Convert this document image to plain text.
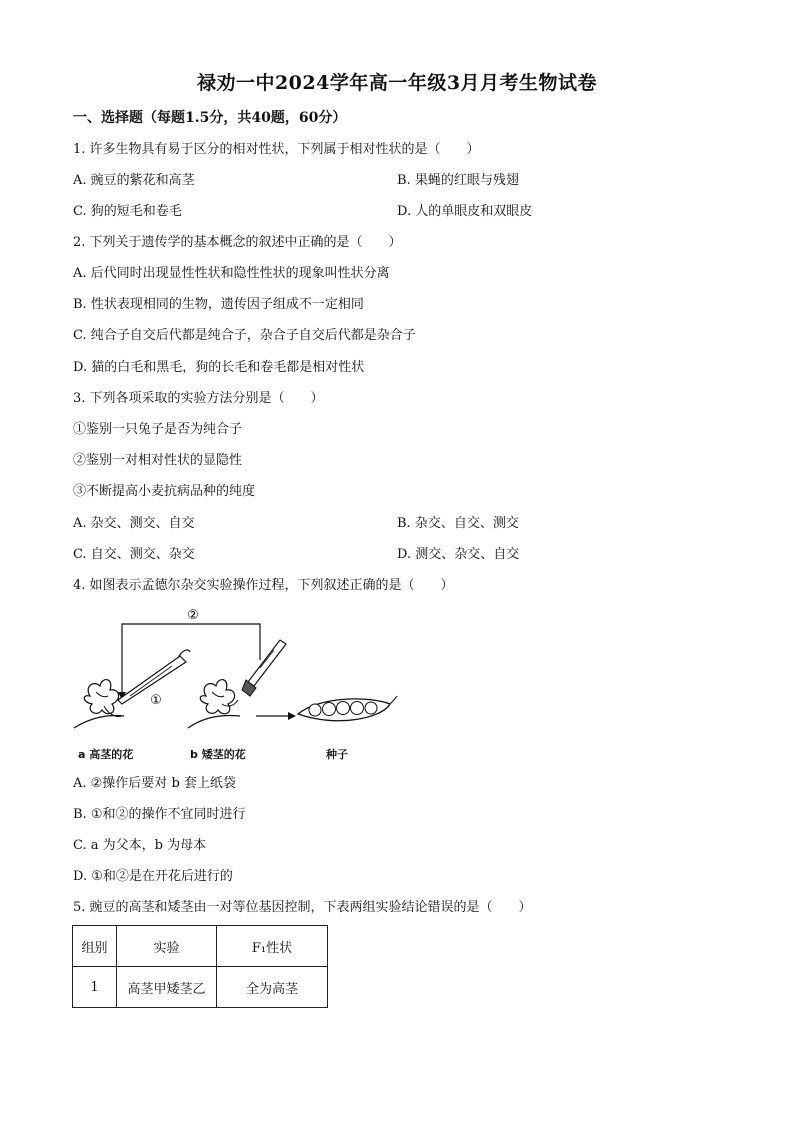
禄劝一中2024学年高一年级3月月考生物试卷
一、选择题（每题1.5分，共40题，60分）
1. 许多生物具有易于区分的相对性状，下列属于相对性状的是（　　）
A. 豌豆的紫花和高茎	B. 果蝇的红眼与残翅
C. 狗的短毛和卷毛	D. 人的单眼皮和双眼皮
2. 下列关于遗传学的基本概念的叙述中正确的是（　　）
A. 后代同时出现显性性状和隐性性状的现象叫性状分离
B. 性状表现相同的生物，遗传因子组成不一定相同
C. 纯合子自交后代都是纯合子，杂合子自交后代都是杂合子
D. 猫的白毛和黑毛，狗的长毛和卷毛都是相对性状
3. 下列各项采取的实验方法分别是（　　）
①鉴别一只兔子是否为纯合子
②鉴别一对相对性状的显隐性
③不断提高小麦抗病品种的纯度
A. 杂交、测交、自交	B. 杂交、自交、测交
C. 自交、测交、杂交	D. 测交、杂交、自交
4. 如图表示孟德尔杂交实验操作过程，下列叙述正确的是（　　）
②
①
a 高茎的花	b 矮茎的花	种子
A. ②操作后要对 b 套上纸袋
B. ①和②的操作不宜同时进行
C. a 为父本，b 为母本
D. ①和②是在开花后进行的
5. 豌豆的高茎和矮茎由一对等位基因控制，下表两组实验结论错误的是（　　）
组别	实验	F₁性状
1	高茎甲矮茎乙	全为高茎
